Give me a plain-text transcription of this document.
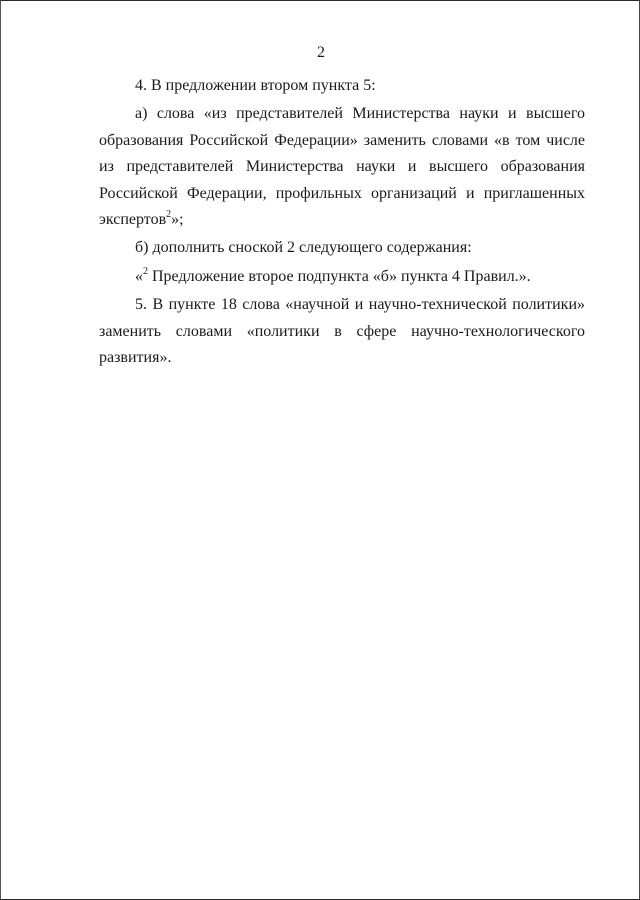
2

4. В предложении втором пункта 5:

а) слова «из представителей Министерства науки и высшего образования Российской Федерации» заменить словами «в том числе из представителей Министерства науки и высшего образования Российской Федерации, профильных организаций и приглашенных экспертов$^2$»;

б) дополнить сноской 2 следующего содержания:

«$^2$ Предложение второе подпункта «б» пункта 4 Правил.».

5. В пункте 18 слова «научной и научно-технической политики» заменить словами «политики в сфере научно-технологического развития».
